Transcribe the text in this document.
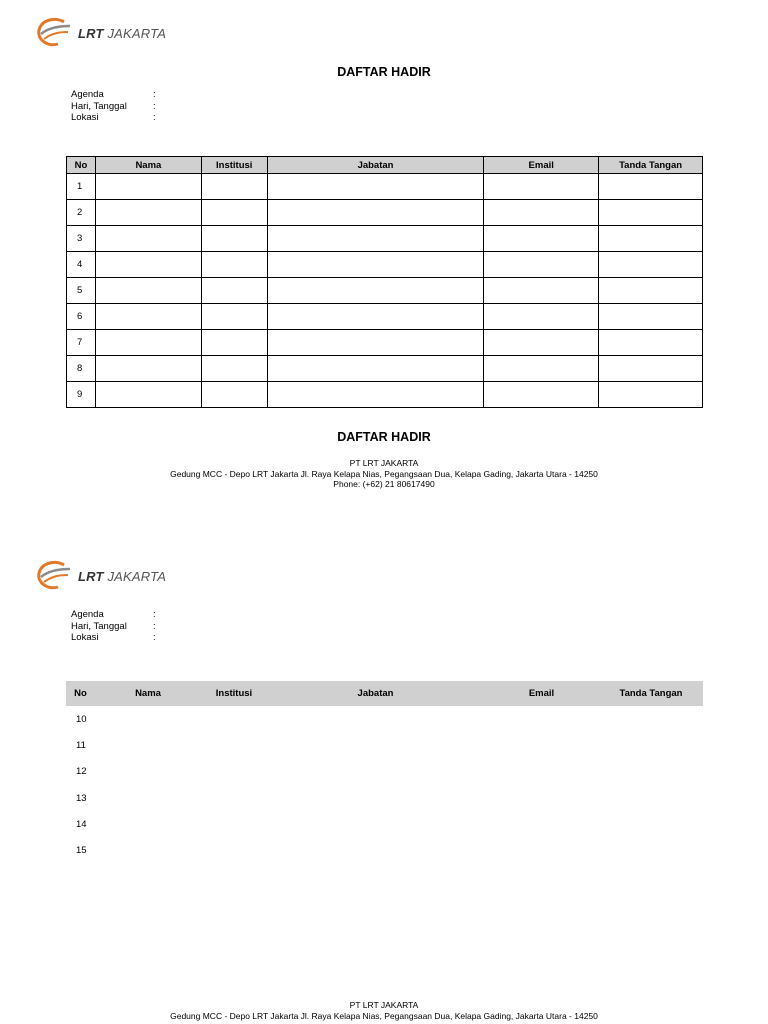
LRT JAKARTA
DAFTAR HADIR
Agenda	:
Hari, Tanggal	:
Lokasi	:
No	Nama	Institusi	Jabatan	Email	Tanda Tangan
1					
2					
3					
4					
5					
6					
7					
8					
9					
DAFTAR HADIR
PT LRT JAKARTA
Gedung MCC - Depo LRT Jakarta Jl. Raya Kelapa Nias, Pegangsaan Dua, Kelapa Gading, Jakarta Utara - 14250
Phone: (+62) 21 80617490
LRT JAKARTA
Agenda	:
Hari, Tanggal	:
Lokasi	:
No	Nama	Institusi	Jabatan	Email	Tanda Tangan
10					
11					
12					
13					
14					
15					
PT LRT JAKARTA
Gedung MCC - Depo LRT Jakarta Jl. Raya Kelapa Nias, Pegangsaan Dua, Kelapa Gading, Jakarta Utara - 14250
